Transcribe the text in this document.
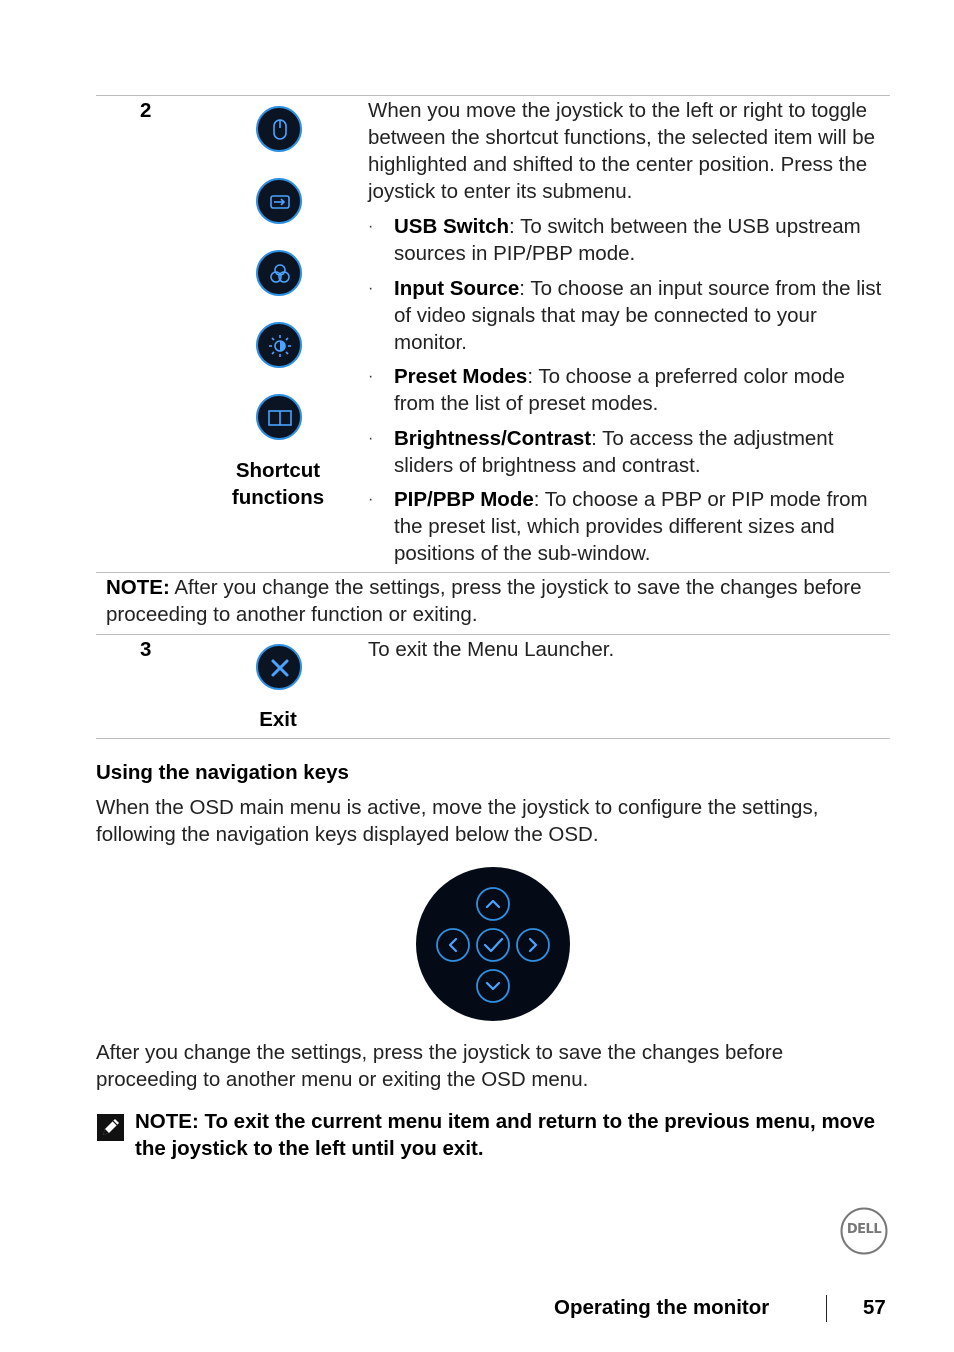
2
Shortcut
functions
When you move the joystick to the left or right to toggle between the shortcut functions, the selected item will be highlighted and shifted to the center position. Press the joystick to enter its submenu.
· USB Switch: To switch between the USB upstream sources in PIP/PBP mode.
· Input Source: To choose an input source from the list of video signals that may be connected to your monitor.
· Preset Modes: To choose a preferred color mode from the list of preset modes.
· Brightness/Contrast: To access the adjustment sliders of brightness and contrast.
· PIP/PBP Mode: To choose a PBP or PIP mode from the preset list, which provides different sizes and positions of the sub-window.
NOTE: After you change the settings, press the joystick to save the changes before proceeding to another function or exiting.
3
Exit
To exit the Menu Launcher.
Using the navigation keys
When the OSD main menu is active, move the joystick to configure the settings, following the navigation keys displayed below the OSD.
After you change the settings, press the joystick to save the changes before proceeding to another menu or exiting the OSD menu.
NOTE: To exit the current menu item and return to the previous menu, move the joystick to the left until you exit.
DELL
Operating the monitor	57
